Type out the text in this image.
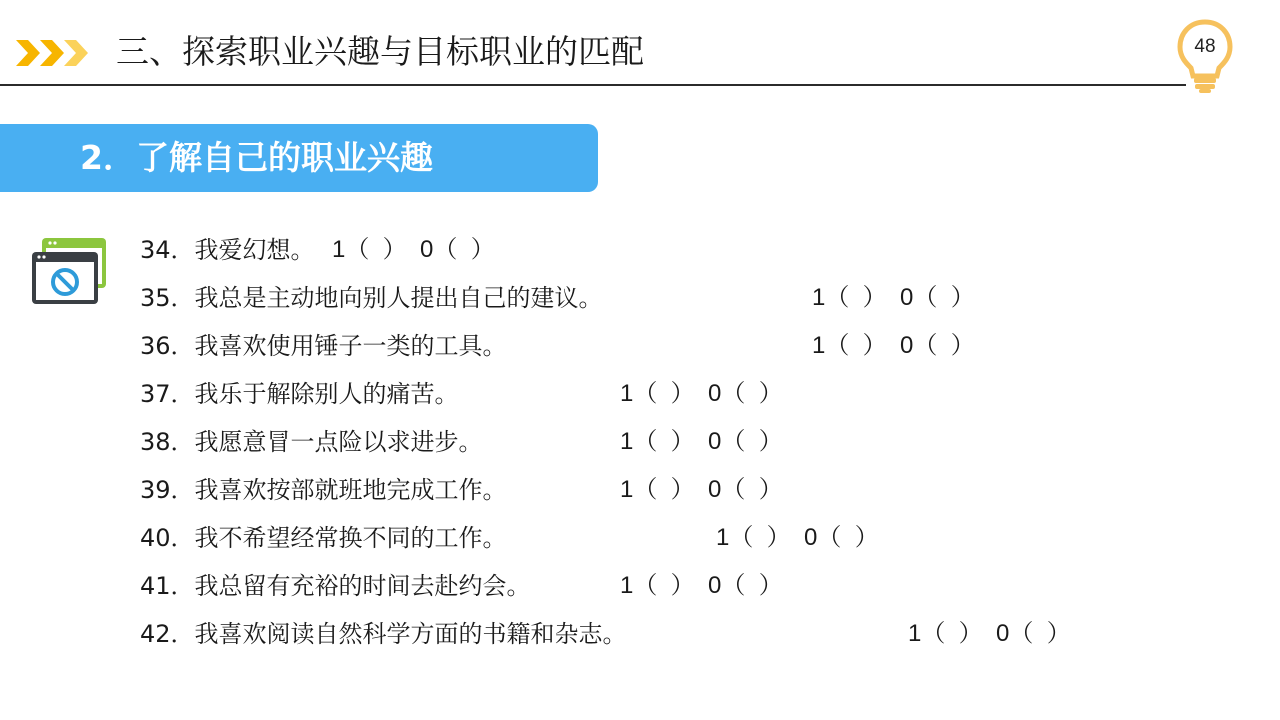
三、探索职业兴趣与目标职业的匹配	48
2．了解自己的职业兴趣
34．我爱幻想。 1（  ）  0（  ）
35．我总是主动地向别人提出自己的建议。	1（  ）  0（  ）
36．我喜欢使用锤子一类的工具。	1（  ）  0（  ）
37．我乐于解除别人的痛苦。	1（  ）  0（  ）
38．我愿意冒一点险以求进步。	1（  ）  0（  ）
39．我喜欢按部就班地完成工作。	1（  ）  0（  ）
40．我不希望经常换不同的工作。	1（  ）  0（  ）
41．我总留有充裕的时间去赴约会。	1（  ）  0（  ）
42．我喜欢阅读自然科学方面的书籍和杂志。	1（  ）  0（  ）
